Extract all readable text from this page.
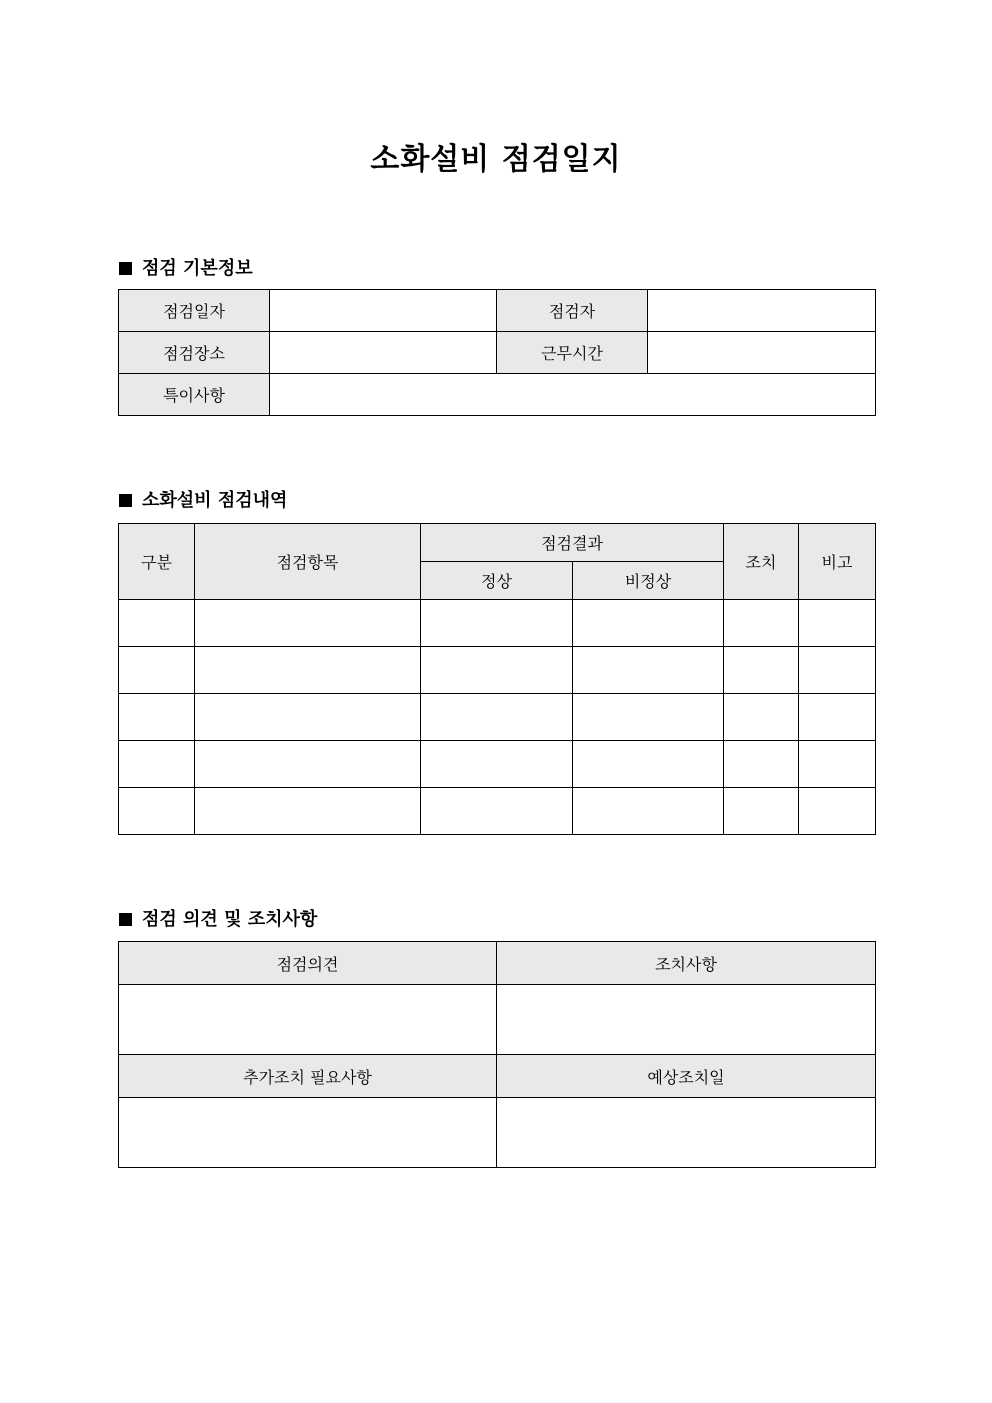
소화설비 점검일지
점검 기본정보
점검일자		점검자	
점검장소		근무시간	
특이사항			
소화설비 점검내역
구분	점검항목	점검결과		조치	비고
		정상	비정상		

점검 의견 및 조치사항
점검의견	조치사항

추가조치 필요사항	예상조치일
